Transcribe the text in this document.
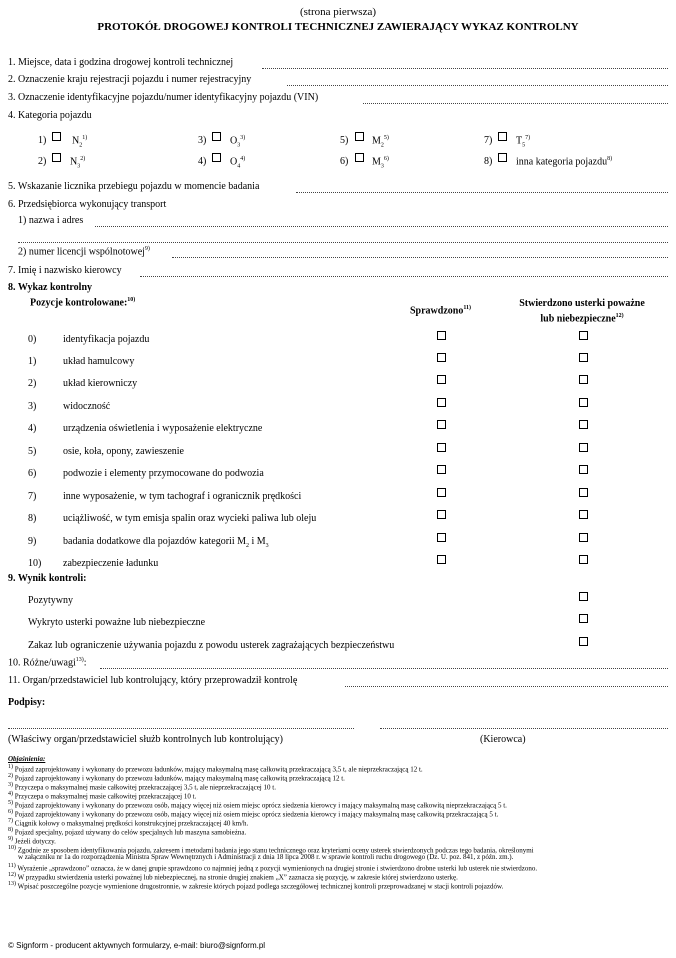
(strona pierwsza)
PROTOKÓŁ DROGOWEJ KONTROLI TECHNICZNEJ ZAWIERAJĄCY WYKAZ KONTROLNY
1. Miejsce, data i godzina drogowej kontroli technicznej
2. Oznaczenie kraju rejestracji pojazdu i numer rejestracyjny
3. Oznaczenie identyfikacyjne pojazdu/numer identyfikacyjny pojazdu (VIN)
4. Kategoria pojazdu
1)	$N_2^{1)}$	3) $O_3^{3)}$	5) $M_2^{5)}$	7) $T_5^{7)}$
2) $N_3^{2)}$	4) $O_4^{4)}$	6) $M_3^{6)}$	8) inna kategoria pojazdu$^{8)}$
5. Wskazanie licznika przebiegu pojazdu w momencie badania
6. Przedsiębiorca wykonujący transport
1) nazwa i adres
2) numer licencji wspólnotowej$^{9)}$
7. Imię i nazwisko kierowcy
8. Wykaz kontrolny
Pozycje kontrolowane:$^{10)}$
Sprawdzono$^{11)}$	Stwierdzono usterki poważne
lub niebezpieczne$^{12)}$
0)	identyfikacja pojazdu
1)	układ hamulcowy
2)	układ kierowniczy
3)	widoczność
4)	urządzenia oświetlenia i wyposażenie elektryczne
5)	osie, koła, opony, zawieszenie
6)	podwozie i elementy przymocowane do podwozia
7)	inne wyposażenie, w tym tachograf i ogranicznik prędkości
8)	uciążliwość, w tym emisja spalin oraz wycieki paliwa lub oleju
9)	badania dodatkowe dla pojazdów kategorii $M_2$ i $M_3$
10) zabezpieczenie ładunku
9. Wynik kontroli:
Pozytywny
Wykryto usterki poważne lub niebezpieczne
Zakaz lub ograniczenie używania pojazdu z powodu usterek zagrażających bezpieczeństwu
10. Różne/uwagi$^{13)}$:
11. Organ/przedstawiciel lub kontrolujący, który przeprowadził kontrolę
Podpisy:
(Właściwy organ/przedstawiciel służb kontrolnych lub kontrolujący)	(Kierowca)
Objaśnienia:
$^{1)}$ Pojazd zaprojektowany i wykonany do przewozu ładunków, mający maksymalną masę całkowitą przekraczającą 3,5 t, ale nieprzekraczającą 12 t.
$^{2)}$ Pojazd zaprojektowany i wykonany do przewozu ładunków, mający maksymalną masę całkowitą przekraczającą 12 t.
$^{3)}$ Przyczepa o maksymalnej masie całkowitej przekraczającej 3,5 t, ale nieprzekraczającej 10 t.
$^{4)}$ Przyczepa o maksymalnej masie całkowitej przekraczającej 10 t.
$^{5)}$ Pojazd zaprojektowany i wykonany do przewozu osób, mający więcej niż osiem miejsc oprócz siedzenia kierowcy i mający maksymalną masę całkowitą nieprzekraczającą 5 t.
$^{6)}$ Pojazd zaprojektowany i wykonany do przewozu osób, mający więcej niż osiem miejsc oprócz siedzenia kierowcy i mający maksymalną masę całkowitą przekraczającą 5 t.
$^{7)}$ Ciągnik kołowy o maksymalnej prędkości konstrukcyjnej przekraczającej 40 km/h.
$^{8)}$ Pojazd specjalny, pojazd używany do celów specjalnych lub maszyna samobieżna.
$^{9)}$ Jeżeli dotyczy.
$^{10)}$ Zgodnie ze sposobem identyfikowania pojazdu, zakresem i metodami badania jego stanu technicznego oraz kryteriami oceny usterek stwierdzonych podczas tego badania, określonymi
w załączniku nr 1a do rozporządzenia Ministra Spraw Wewnętrznych i Administracji z dnia 18 lipca 2008 r. w sprawie kontroli ruchu drogowego (Dz. U. poz. 841, z późn. zm.).
$^{11)}$ Wyrażenie „sprawdzono” oznacza, że w danej grupie sprawdzono co najmniej jedną z pozycji wymienionych na drugiej stronie i stwierdzono drobne usterki lub usterek nie stwierdzono.
$^{12)}$ W przypadku stwierdzenia usterki poważnej lub niebezpiecznej, na stronie drugiej znakiem „X” zaznacza się pozycję, w zakresie której stwierdzono usterkę.
$^{13)}$ Wpisać poszczególne pozycje wymienione drugostronnie, w zakresie których pojazd podlega szczegółowej technicznej kontroli przeprowadzanej w stacji kontroli pojazdów.
© Signform - producent aktywnych formularzy, e-mail: biuro@signform.pl
